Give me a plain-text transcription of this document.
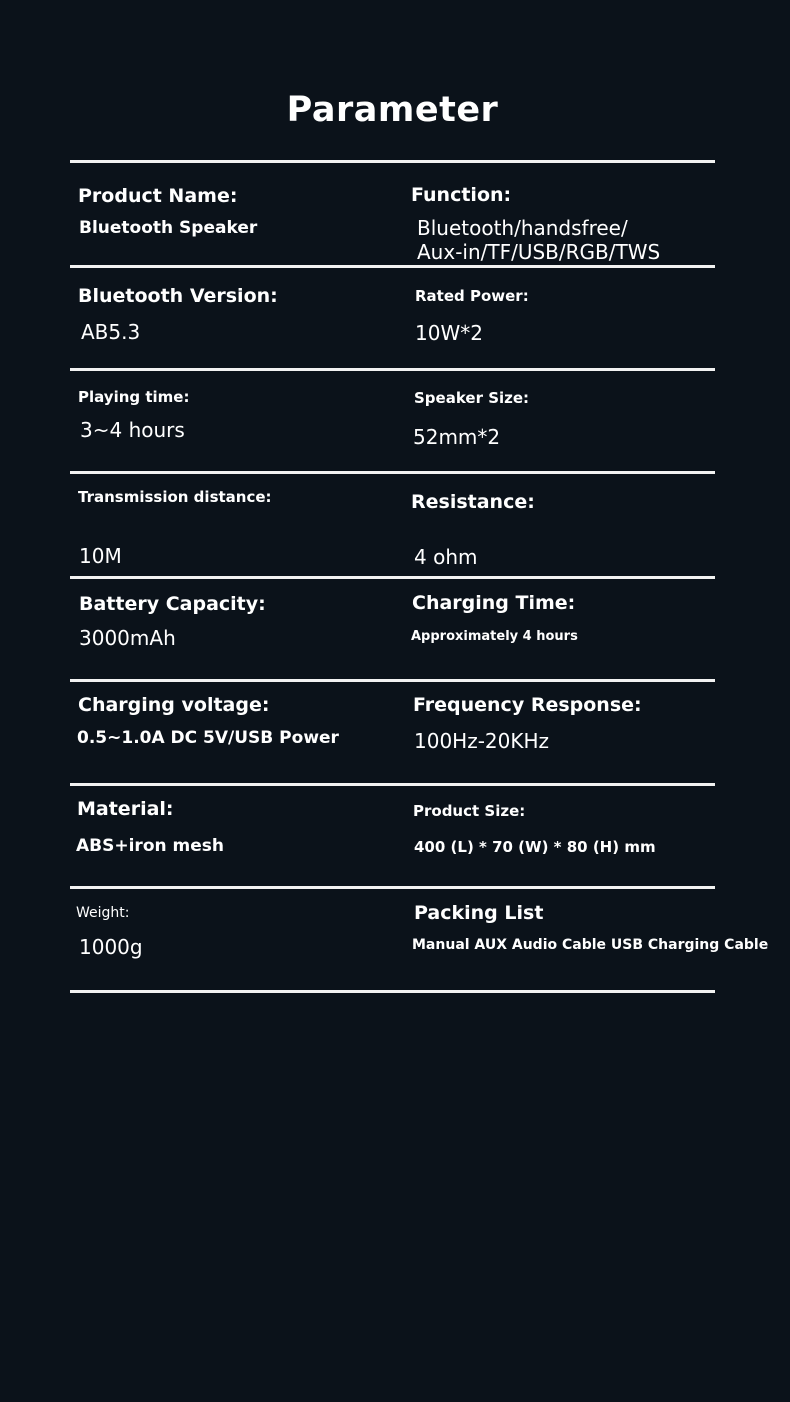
Parameter
Product Name:
Bluetooth Speaker
Function:
Bluetooth/handsfree/
Aux-in/TF/USB/RGB/TWS
Bluetooth Version:
AB5.3
Rated Power:
10W*2
Playing time:
3~4 hours
Speaker Size:
52mm*2
Transmission distance:
10M
Resistance:
4 ohm
Battery Capacity:
3000mAh
Charging Time:
Approximately 4 hours
Charging voltage:
0.5~1.0A DC 5V/USB Power
Frequency Response:
100Hz-20KHz
Material:
ABS+iron mesh
Product Size:
400 (L) * 70 (W) * 80 (H) mm
Weight:
1000g
Packing List
Manual AUX Audio Cable USB Charging Cable
